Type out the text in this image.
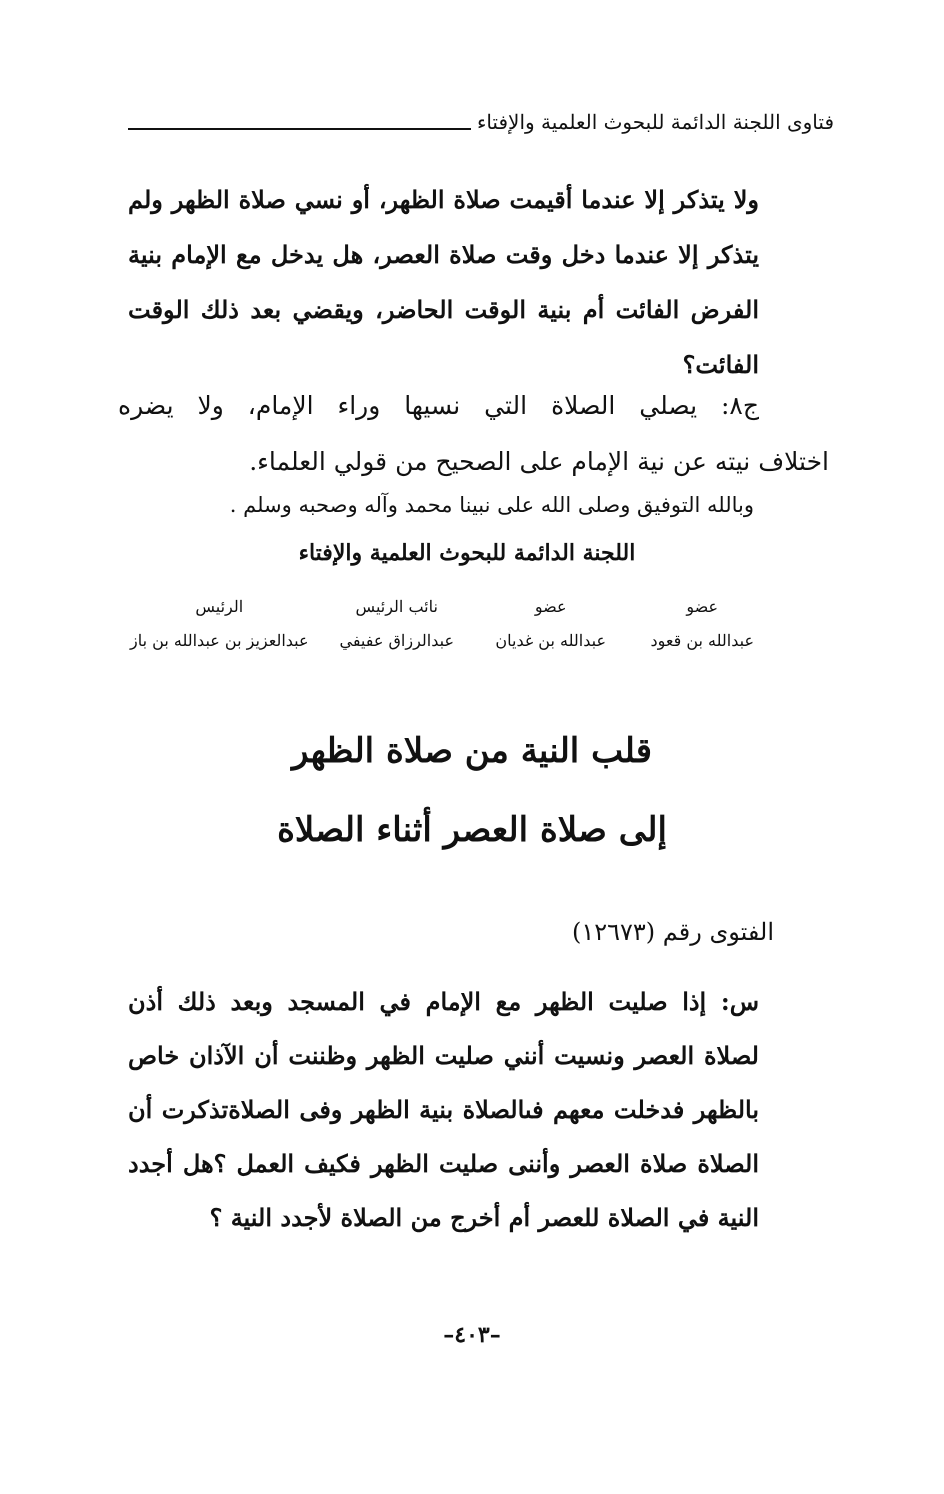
فتاوى اللجنة الدائمة للبحوث العلمية والإفتاء
ولا يتذكر إلا عندما أقيمت صلاة الظهر، أو نسي صلاة الظهر ولم يتذكر إلا عندما دخل وقت صلاة العصر، هل يدخل مع الإمام بنية الفرض الفائت أم بنية الوقت الحاضر، ويقضي بعد ذلك الوقت الفائت؟
ج٨: يصلي الصلاة التي نسيها وراء الإمام، ولا يضره
اختلاف نيته عن نية الإمام على الصحيح من قولي العلماء.
وبالله التوفيق وصلى الله على نبينا محمد وآله وصحبه وسلم .
اللجنة الدائمة للبحوث العلمية والإفتاء
عضو
عبدالله بن قعود
عضو
عبدالله بن غديان
نائب الرئيس
عبدالرزاق عفيفي
الرئيس
عبدالعزيز بن عبدالله بن باز
قلب النية من صلاة الظهر
إلى صلاة العصر أثناء الصلاة
الفتوى رقم (١٢٦٧٣)
س: إذا صليت الظهر مع الإمام في المسجد وبعد ذلك أذن لصلاة العصر ونسيت أنني صليت الظهر وظننت أن الآذان خاص بالظهر فدخلت معهم فىالصلاة بنية الظهر وفى الصلاةتذكرت أن الصلاة صلاة العصر وأننى صليت الظهر فكيف العمل ؟هل أجدد النية في الصلاة للعصر أم أخرج من الصلاة لأجدد النية ؟
–٤٠٣–
